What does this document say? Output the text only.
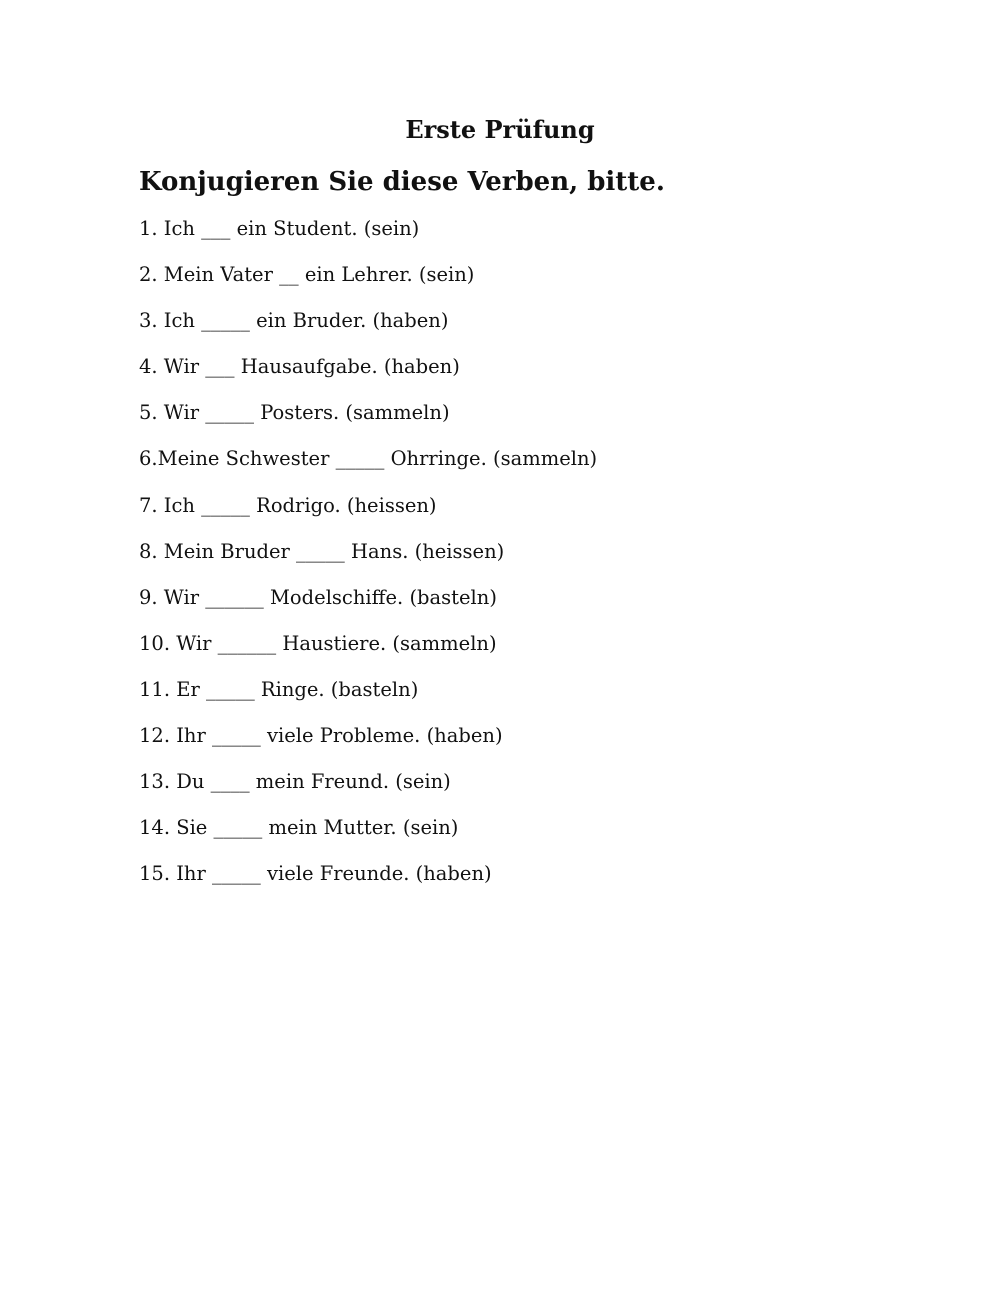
Erste Prüfung
Konjugieren Sie diese Verben, bitte.
1. Ich ___ ein Student. (sein)
2. Mein Vater __ ein Lehrer. (sein)
3. Ich _____ ein Bruder. (haben)
4. Wir ___ Hausaufgabe. (haben)
5. Wir _____ Posters. (sammeln)
6.Meine Schwester _____ Ohrringe. (sammeln)
7. Ich _____ Rodrigo. (heissen)
8. Mein Bruder _____ Hans. (heissen)
9. Wir ______ Modelschiffe. (basteln)
10. Wir ______ Haustiere. (sammeln)
11. Er _____ Ringe. (basteln)
12. Ihr _____ viele Probleme. (haben)
13. Du ____ mein Freund. (sein)
14. Sie _____ mein Mutter. (sein)
15. Ihr _____ viele Freunde. (haben)
